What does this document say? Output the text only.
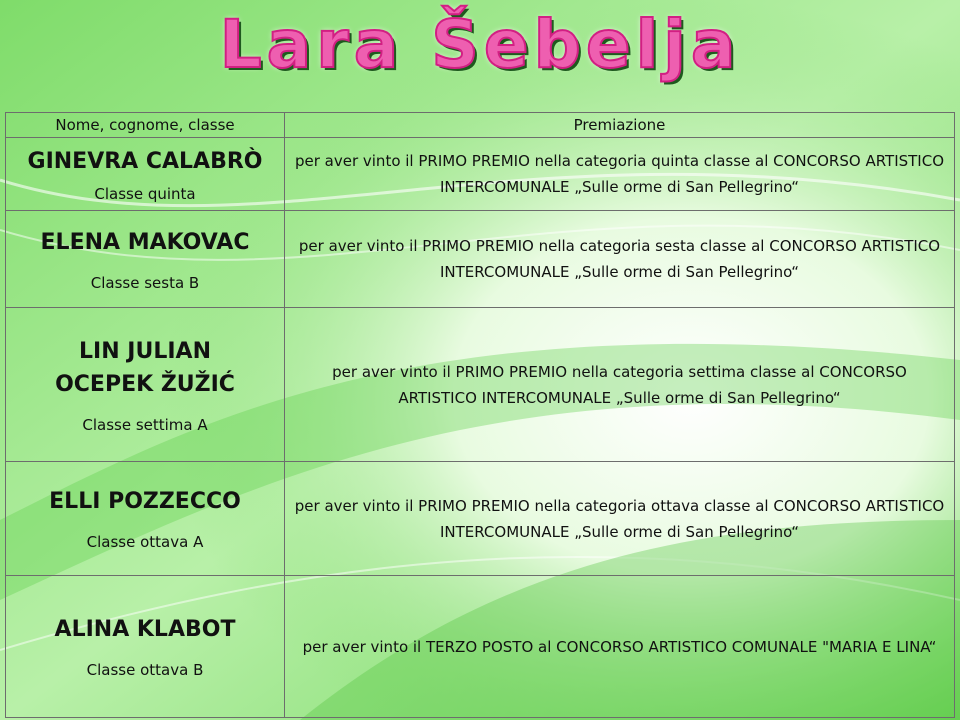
Lara Šebelja
Nome, cognome, classe	Premiazione

GINEVRA CALABRÒ
Classe quinta	per aver vinto il PRIMO PREMIO nella categoria quinta classe al CONCORSO ARTISTICO INTERCOMUNALE „Sulle orme di San Pellegrino“

ELENA MAKOVAC
Classe sesta B	per aver vinto il PRIMO PREMIO nella categoria sesta classe al CONCORSO ARTISTICO INTERCOMUNALE „Sulle orme di San Pellegrino“

LIN JULIAN OCEPEK ŽUŽIĆ
Classe settima A	per aver vinto il PRIMO PREMIO nella categoria settima classe al CONCORSO ARTISTICO INTERCOMUNALE „Sulle orme di San Pellegrino“

ELLI POZZECCO
Classe ottava A	per aver vinto il PRIMO PREMIO nella categoria ottava classe al CONCORSO ARTISTICO INTERCOMUNALE „Sulle orme di San Pellegrino“

ALINA KLABOT
Classe ottava B	per aver vinto il TERZO POSTO al CONCORSO ARTISTICO COMUNALE "MARIA E LINA“
